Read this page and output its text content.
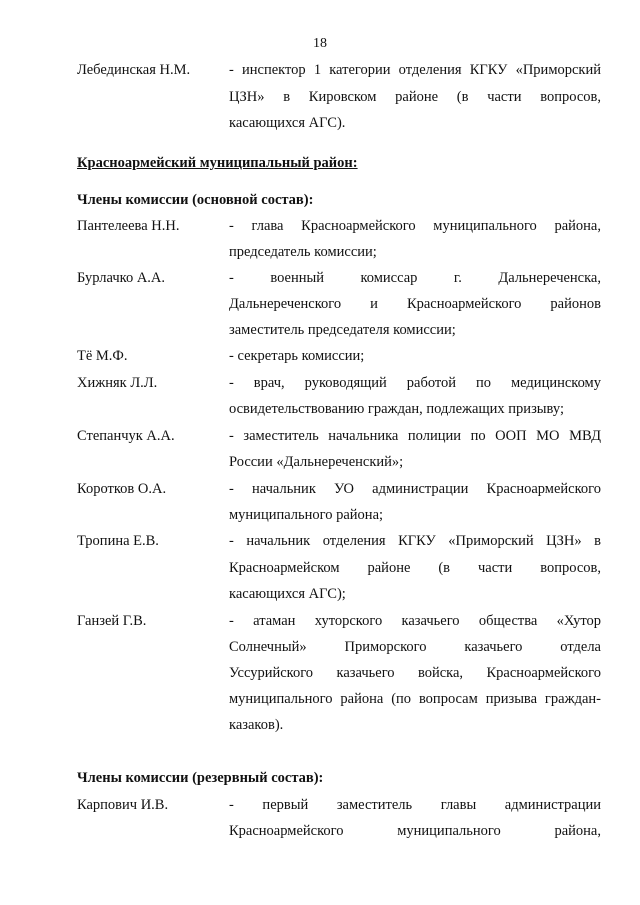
18
Лебединская Н.М.	- инспектор 1 категории отделения КГКУ «Приморский
ЦЗН» в Кировском районе (в части вопросов,
касающихся АГС).
Красноармейский муниципальный район:
Члены комиссии (основной состав):
Пантелеева Н.Н.	- глава Красноармейского муниципального района,
председатель комиссии;
Бурлачко А.А.	- военный комиссар г. Дальнереченска,
Дальнереченского и Красноармейского районов
заместитель председателя комиссии;
Тё М.Ф.	- секретарь комиссии;
Хижняк Л.Л.	- врач, руководящий работой по медицинскому
освидетельствованию граждан, подлежащих призыву;
Степанчук А.А.	- заместитель начальника полиции по ООП МО МВД
России «Дальнереченский»;
Коротков О.А.	- начальник УО администрации Красноармейского
муниципального района;
Тропина Е.В.	- начальник отделения КГКУ «Приморский ЦЗН» в
Красноармейском районе (в части вопросов,
касающихся АГС);
Ганзей Г.В.	- атаман хуторского казачьего общества «Хутор
Солнечный» Приморского казачьего отдела
Уссурийского казачьего войска, Красноармейского
муниципального района (по вопросам призыва граждан-
казаков).
Члены комиссии (резервный состав):
Карпович И.В.	- первый заместитель главы администрации
Красноармейского муниципального района,
